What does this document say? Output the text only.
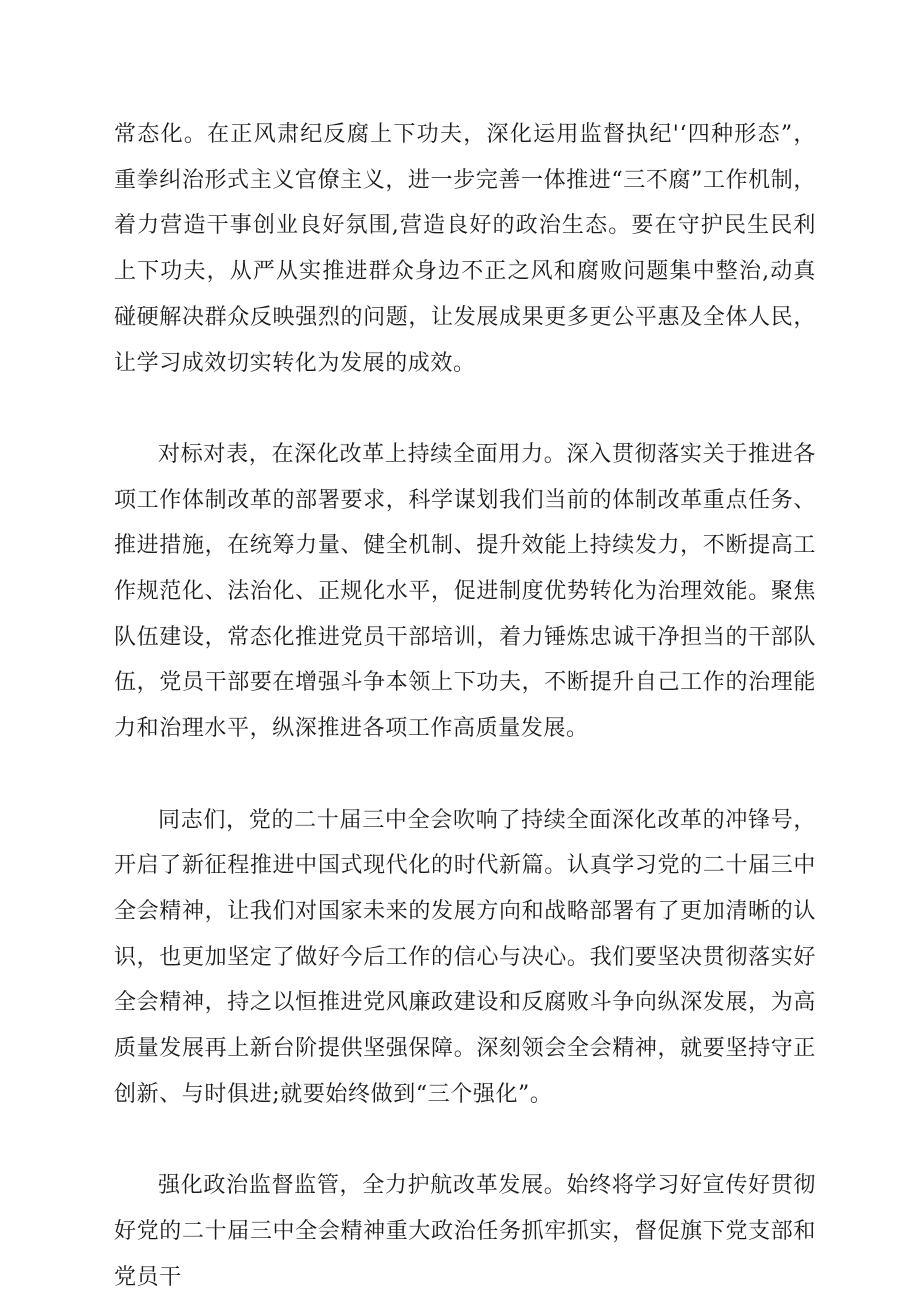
常态化。在正风肃纪反腐上下功夫，深化运用监督执纪'‘四种形态”，重拳纠治形式主义官僚主义，进一步完善一体推进“三不腐”工作机制，着力营造干事创业良好氛围,营造良好的政治生态。要在守护民生民利上下功夫，从严从实推进群众身边不正之风和腐败问题集中整治,动真碰硬解决群众反映强烈的问题，让发展成果更多更公平惠及全体人民，让学习成效切实转化为发展的成效。

对标对表，在深化改革上持续全面用力。深入贯彻落实关于推进各项工作体制改革的部署要求，科学谋划我们当前的体制改革重点任务、推进措施，在统筹力量、健全机制、提升效能上持续发力，不断提高工作规范化、法治化、正规化水平，促进制度优势转化为治理效能。聚焦队伍建设，常态化推进党员干部培训，着力锤炼忠诚干净担当的干部队伍，党员干部要在增强斗争本领上下功夫，不断提升自己工作的治理能力和治理水平，纵深推进各项工作高质量发展。

同志们，党的二十届三中全会吹响了持续全面深化改革的冲锋号，开启了新征程推进中国式现代化的时代新篇。认真学习党的二十届三中全会精神，让我们对国家未来的发展方向和战略部署有了更加清晰的认识，也更加坚定了做好今后工作的信心与决心。我们要坚决贯彻落实好全会精神，持之以恒推进党风廉政建设和反腐败斗争向纵深发展，为高质量发展再上新台阶提供坚强保障。深刻领会全会精神，就要坚持守正创新、与时俱进;就要始终做到“三个强化”。

强化政治监督监管，全力护航改革发展。始终将学习好宣传好贯彻好党的二十届三中全会精神重大政治任务抓牢抓实，督促旗下党支部和党员干
